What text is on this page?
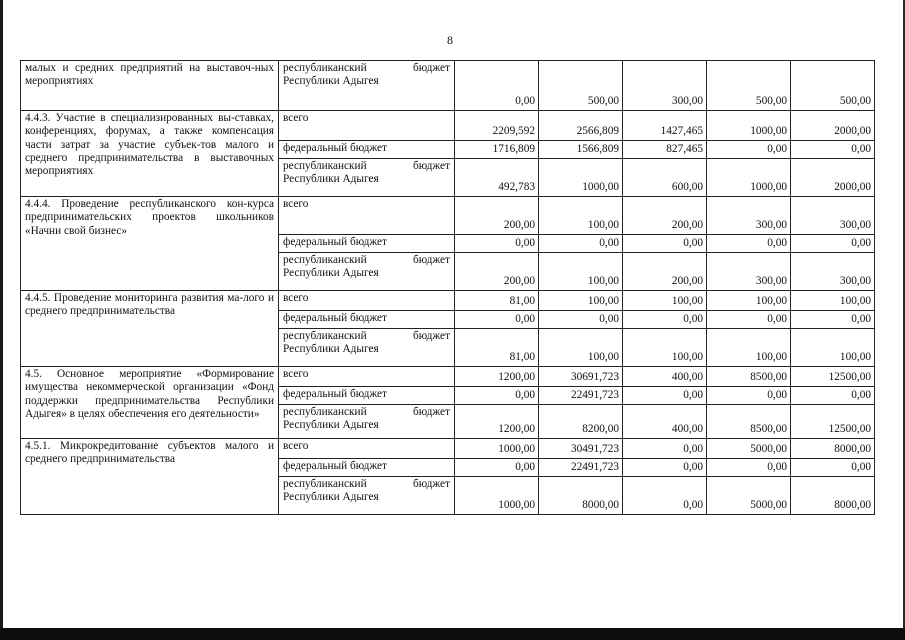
8
малых и средних предприятий на выставоч-ных мероприятиях	республиканский бюджет
Республики Адыгея	0,00	500,00	300,00	500,00	500,00
4.4.3. Участие в специализированных вы-ставках, конференциях, форумах, а также компенсация части затрат за участие субъек-тов малого и среднего предпринимательства в выставочных мероприятиях	всего	2209,592	2566,809	1427,465	1000,00	2000,00
	федеральный бюджет	1716,809	1566,809	827,465	0,00	0,00

	республиканский бюджет
Республики Адыгея	492,783	1000,00	600,00	1000,00	2000,00
4.4.4. Проведение республиканского кон-курса предпринимательских проектов школьников «Начни свой бизнес»	всего	200,00	100,00	200,00	300,00	300,00
	федеральный бюджет	0,00	0,00	0,00	0,00	0,00

	республиканский бюджет
Республики Адыгея	200,00	100,00	200,00	300,00	300,00
4.4.5. Проведение мониторинга развития ма-лого и среднего предпринимательства	всего	81,00	100,00	100,00	100,00	100,00
	федеральный бюджет	0,00	0,00	0,00	0,00	0,00

	республиканский бюджет
Республики Адыгея	81,00	100,00	100,00	100,00	100,00
4.5. Основное мероприятие «Формирование имущества некоммерческой организации «Фонд поддержки предпринимательства Республики Адыгея» в целях обеспечения его деятельности»	всего	1200,00	30691,723	400,00	8500,00	12500,00
	федеральный бюджет	0,00	22491,723	0,00	0,00	0,00

	республиканский бюджет
Республики Адыгея	1200,00	8200,00	400,00	8500,00	12500,00
4.5.1. Микрокредитование субъектов малого и среднего предпринимательства	всего	1000,00	30491,723	0,00	5000,00	8000,00
	федеральный бюджет	0,00	22491,723	0,00	0,00	0,00

	республиканский бюджет
Республики Адыгея	1000,00	8000,00	0,00	5000,00	8000,00
